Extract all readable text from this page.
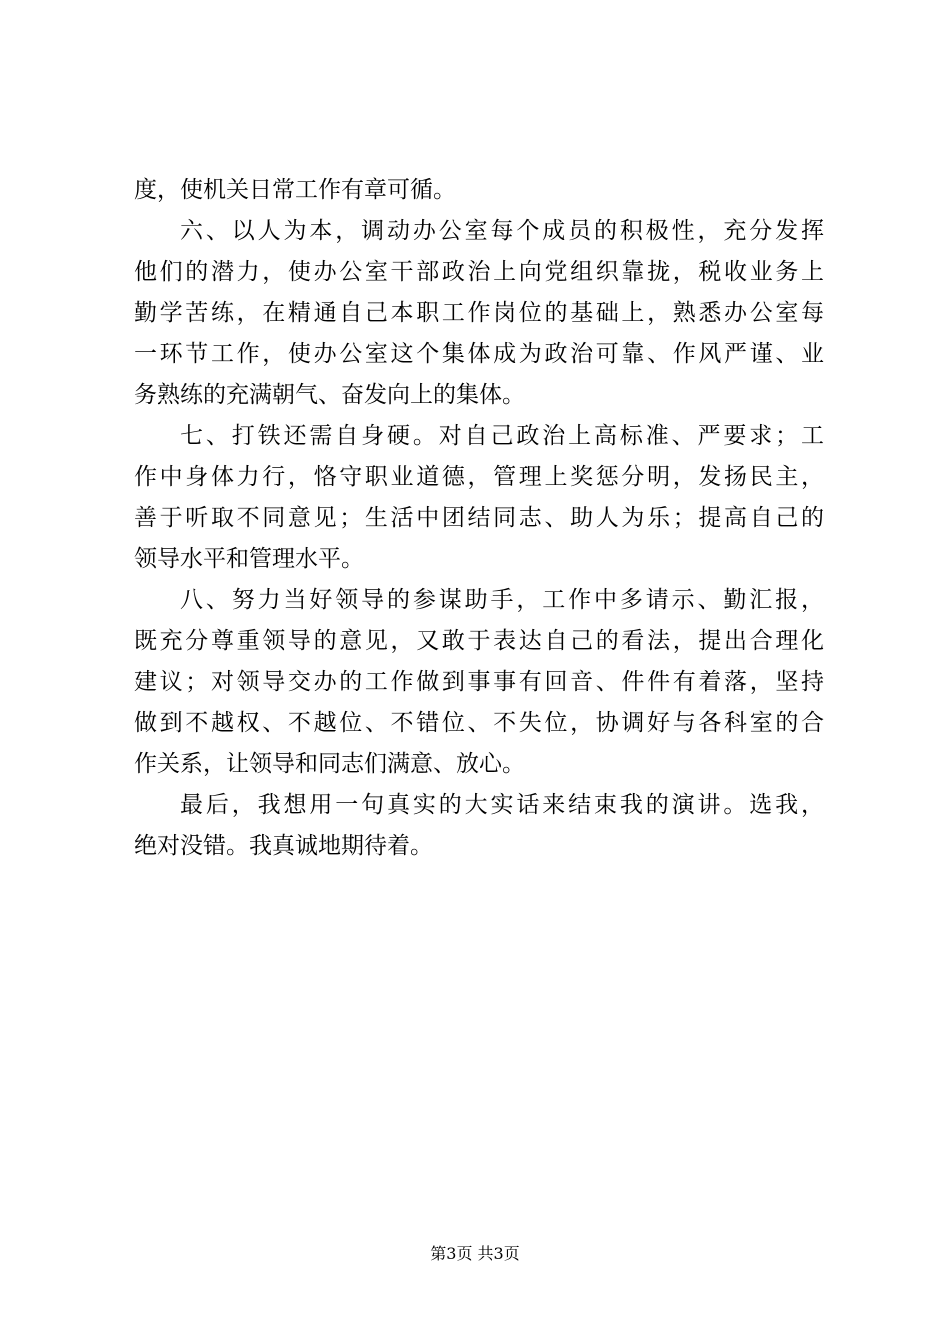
度，使机关日常工作有章可循。
六、以人为本，调动办公室每个成员的积极性，充分发挥
他们的潜力，使办公室干部政治上向党组织靠拢，税收业务上
勤学苦练，在精通自己本职工作岗位的基础上，熟悉办公室每
一环节工作，使办公室这个集体成为政治可靠、作风严谨、业
务熟练的充满朝气、奋发向上的集体。
七、打铁还需自身硬。对自己政治上高标准、严要求；工
作中身体力行，恪守职业道德，管理上奖惩分明，发扬民主，
善于听取不同意见；生活中团结同志、助人为乐；提高自己的
领导水平和管理水平。
八、努力当好领导的参谋助手，工作中多请示、勤汇报，
既充分尊重领导的意见，又敢于表达自己的看法，提出合理化
建议；对领导交办的工作做到事事有回音、件件有着落，坚持
做到不越权、不越位、不错位、不失位，协调好与各科室的合
作关系，让领导和同志们满意、放心。
最后，我想用一句真实的大实话来结束我的演讲。选我，
绝对没错。我真诚地期待着。
第3页 共3页
